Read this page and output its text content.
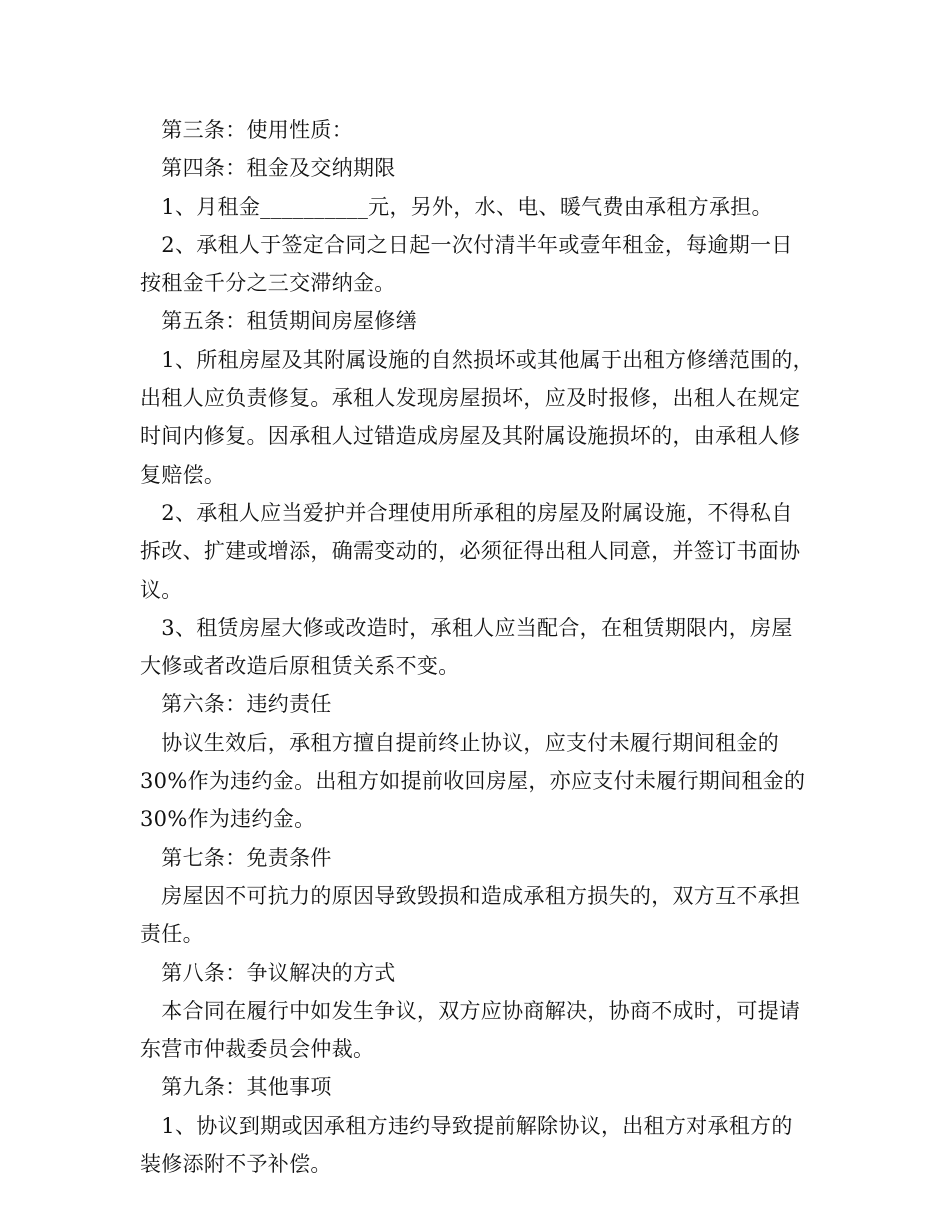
　第三条：使用性质：
　第四条：租金及交纳期限
　1、月租金__________元，另外，水、电、暖气费由承租方承担。
　2、承租人于签定合同之日起一次付清半年或壹年租金，每逾期一日
按租金千分之三交滞纳金。
　第五条：租赁期间房屋修缮
　1、所租房屋及其附属设施的自然损坏或其他属于出租方修缮范围的，
出租人应负责修复。承租人发现房屋损坏，应及时报修，出租人在规定
时间内修复。因承租人过错造成房屋及其附属设施损坏的，由承租人修
复赔偿。
　2、承租人应当爱护并合理使用所承租的房屋及附属设施，不得私自
拆改、扩建或增添，确需变动的，必须征得出租人同意，并签订书面协
议。
　3、租赁房屋大修或改造时，承租人应当配合，在租赁期限内，房屋
大修或者改造后原租赁关系不变。
　第六条：违约责任
　协议生效后，承租方擅自提前终止协议，应支付未履行期间租金的
30%作为违约金。出租方如提前收回房屋，亦应支付未履行期间租金的
30%作为违约金。
　第七条：免责条件
　房屋因不可抗力的原因导致毁损和造成承租方损失的，双方互不承担
责任。
　第八条：争议解决的方式
　本合同在履行中如发生争议，双方应协商解决，协商不成时，可提请
东营市仲裁委员会仲裁。
　第九条：其他事项
　1、协议到期或因承租方违约导致提前解除协议，出租方对承租方的
装修添附不予补偿。
